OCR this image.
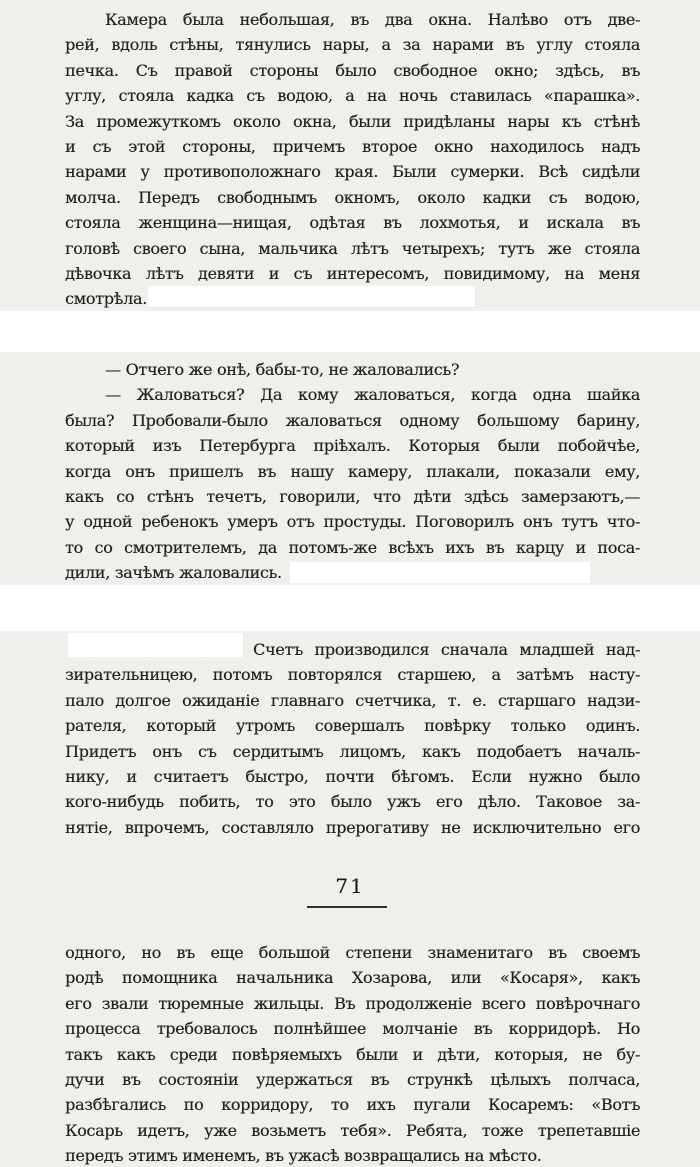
Камера была небольшая, въ два окна. Налѣво отъ две-
рей, вдоль стѣны, тянулись нары, а за нарами въ углу стояла
печка. Съ правой стороны было свободное окно; здѣсь, въ
углу, стояла кадка съ водою, а на ночь ставилась «парашка».
За промежуткомъ около окна, были придѣланы нары къ стѣнѣ
и съ этой стороны, причемъ второе окно находилось надъ
нарами у противоположнаго края. Были сумерки. Всѣ сидѣли
молча. Передъ свободнымъ окномъ, около кадки съ водою,
стояла женщина—нищая, одѣтая въ лохмотья, и искала въ
головѣ своего сына, мальчика лѣтъ четырехъ; тутъ же стояла
дѣвочка лѣтъ девяти и съ интересомъ, повидимому, на меня
смотрѣла.
— Отчего же онѣ, бабы-то, не жаловались?
— Жаловаться? Да кому жаловаться, когда одна шайка
была? Пробовали-было жаловаться одному большому барину,
который изъ Петербурга пріѣхалъ. Которыя были побойчѣе,
когда онъ пришелъ въ нашу камеру, плакали, показали ему,
какъ со стѣнъ течетъ, говорили, что дѣти здѣсь замерзаютъ,—
у одной ребенокъ умеръ отъ простуды. Поговорилъ онъ тутъ что-
то со смотрителемъ, да потомъ-же всѣхъ ихъ въ карцу и поса-
дили, зачѣмъ жаловались.
Счетъ производился сначала младшей над-
зирательницею, потомъ повторялся старшею, а затѣмъ насту-
пало долгое ожиданіе главнаго счетчика, т. е. старшаго надзи-
рателя, который утромъ совершалъ повѣрку только одинъ.
Придетъ онъ съ сердитымъ лицомъ, какъ подобаетъ началь-
нику, и считаетъ быстро, почти бѣгомъ. Если нужно было
кого-нибудь побить, то это было ужъ его дѣло. Таковое за-
нятіе, впрочемъ, составляло прерогативу не исключительно его
71
одного, но въ еще большой степени знаменитаго въ своемъ
родѣ помощника начальника Хозарова, или «Косаря», какъ
его звали тюремные жильцы. Въ продолженіе всего повѣрочнаго
процесса требовалось полнѣйшее молчаніе въ корридорѣ. Но
такъ какъ среди повѣряемыхъ были и дѣти, которыя, не бу-
дучи въ состояніи удержаться въ стрункѣ цѣлыхъ полчаса,
разбѣгались по корридору, то ихъ пугали Косаремъ: «Вотъ
Косарь идетъ, уже возьметъ тебя». Ребята, тоже трепетавшіе
передъ этимъ именемъ, въ ужасѣ возвращались на мѣсто.
